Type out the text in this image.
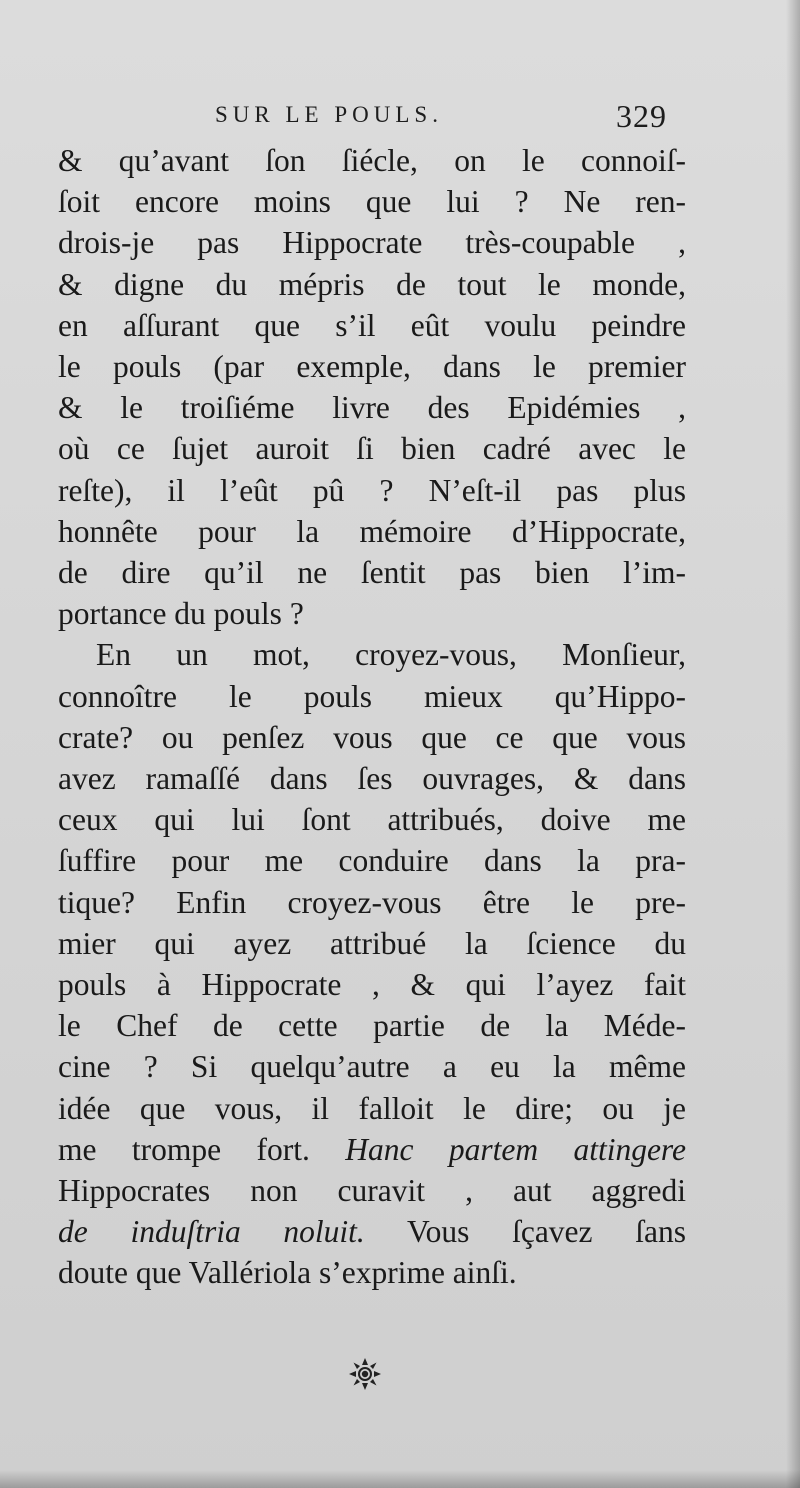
SUR LE POULS.	329
& qu’avant ſon ſiécle, on le connoiſ-
ſoit encore moins que lui ? Ne ren-
drois-je pas Hippocrate très-coupable ,
& digne du mépris de tout le monde,
en aſſurant que s’il eût voulu peindre
le pouls (par exemple, dans le premier
& le troiſiéme livre des Epidémies ,
où ce ſujet auroit ſi bien cadré avec le
reſte), il l’eût pû ? N’eſt-il pas plus
honnête pour la mémoire d’Hippocrate,
de dire qu’il ne ſentit pas bien l’im-
portance du pouls ?
En un mot, croyez-vous, Monſieur,
connoître le pouls mieux qu’Hippo-
crate? ou penſez vous que ce que vous
avez ramaſſé dans ſes ouvrages, & dans
ceux qui lui ſont attribués, doive me
ſuffire pour me conduire dans la pra-
tique? Enfin croyez-vous être le pre-
mier qui ayez attribué la ſcience du
pouls à Hippocrate , & qui l’ayez fait
le Chef de cette partie de la Méde-
cine ? Si quelqu’autre a eu la même
idée que vous, il falloit le dire; ou je
me trompe fort. Hanc partem attingere
Hippocrates non curavit , aut aggredi
de induſtria noluit. Vous ſçavez ſans
doute que Vallériola s’exprime ainſi.
